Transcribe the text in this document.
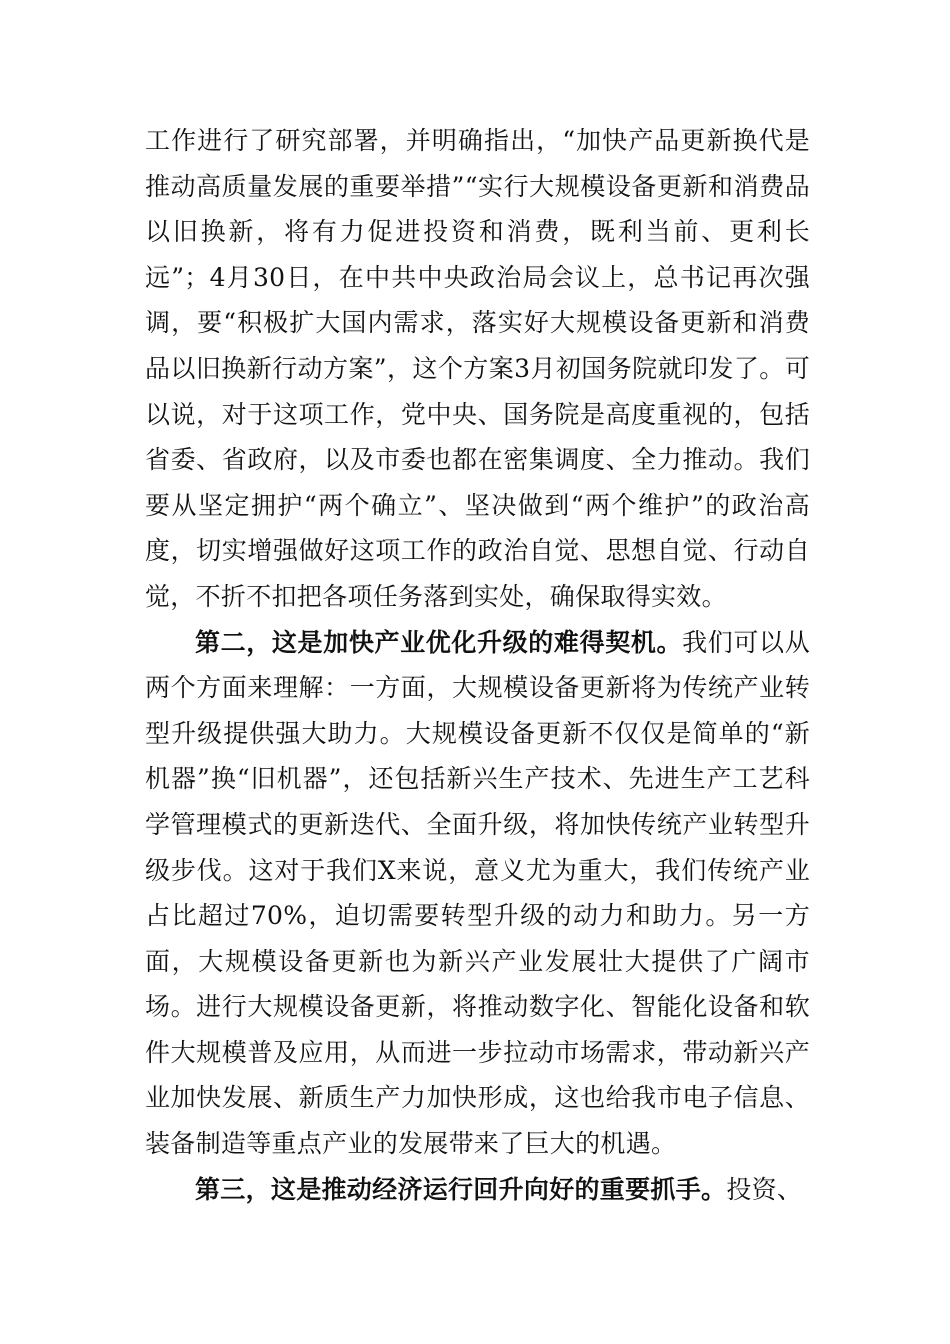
工作进行了研究部署，并明确指出，“加快产品更新换代是推动高质量发展的重要举措”“实行大规模设备更新和消费品以旧换新，将有力促进投资和消费，既利当前、更利长远”；4月30日，在中共中央政治局会议上，总书记再次强调，要“积极扩大国内需求，落实好大规模设备更新和消费品以旧换新行动方案”，这个方案3月初国务院就印发了。可以说，对于这项工作，党中央、国务院是高度重视的，包括省委、省政府，以及市委也都在密集调度、全力推动。我们要从坚定拥护“两个确立”、坚决做到“两个维护”的政治高度，切实增强做好这项工作的政治自觉、思想自觉、行动自觉，不折不扣把各项任务落到实处，确保取得实效。

第二，这是加快产业优化升级的难得契机。我们可以从两个方面来理解：一方面，大规模设备更新将为传统产业转型升级提供强大助力。大规模设备更新不仅仅是简单的“新机器”换“旧机器”，还包括新兴生产技术、先进生产工艺科学管理模式的更新迭代、全面升级，将加快传统产业转型升级步伐。这对于我们X来说，意义尤为重大，我们传统产业占比超过70%，迫切需要转型升级的动力和助力。另一方面，大规模设备更新也为新兴产业发展壮大提供了广阔市场。进行大规模设备更新，将推动数字化、智能化设备和软件大规模普及应用，从而进一步拉动市场需求，带动新兴产业加快发展、新质生产力加快形成，这也给我市电子信息、装备制造等重点产业的发展带来了巨大的机遇。

第三，这是推动经济运行回升向好的重要抓手。投资、
